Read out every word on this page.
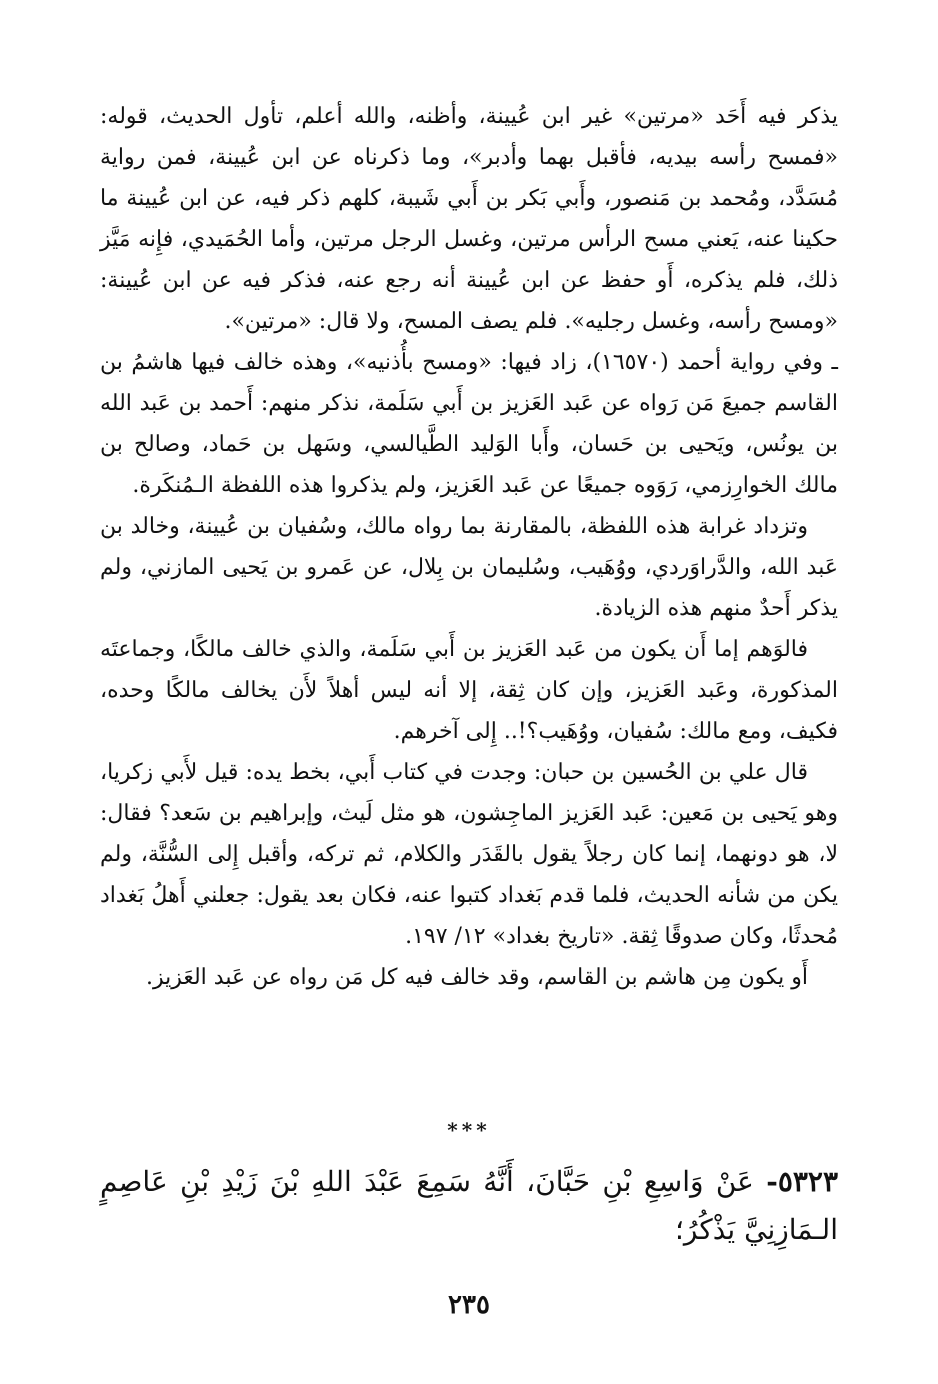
يذكر فيه أَحَد «مرتين» غير ابن عُيينة، وأظنه، والله أعلم، تأول الحديث، قوله: «فمسح رأسه بيديه، فأقبل بهما وأدبر»، وما ذكرناه عن ابن عُيينة، فمن رواية مُسَدَّد، ومُحمد بن مَنصور، وأَبي بَكر بن أَبي شَيبة، كلهم ذكر فيه، عن ابن عُيينة ما حكينا عنه، يَعني مسح الرأس مرتين، وغسل الرجل مرتين، وأما الحُمَيدي، فإِنه مَيَّز ذلك، فلم يذكره، أَو حفظ عن ابن عُيينة أنه رجع عنه، فذكر فيه عن ابن عُيينة: «ومسح رأسه، وغسل رجليه». فلم يصف المسح، ولا قال: «مرتين».

ـ وفي رواية أحمد (١٦٥٧٠)، زاد فيها: «ومسح بأُذنيه»، وهذه خالف فيها هاشمُ بن القاسم جميعَ مَن رَواه عن عَبد العَزيز بن أَبي سَلَمة، نذكر منهم: أَحمد بن عَبد الله بن يونُس، ويَحيى بن حَسان، وأَبا الوَليد الطَّيالسي، وسَهل بن حَماد، وصالح بن مالك الخوارِزمي، رَوَوه جميعًا عن عَبد العَزيز، ولم يذكروا هذه اللفظة الـمُنكَرة.

وتزداد غرابة هذه اللفظة، بالمقارنة بما رواه مالك، وسُفيان بن عُيينة، وخالد بن عَبد الله، والدَّراوَردي، ووُهَيب، وسُليمان بن بِلال، عن عَمرو بن يَحيى المازني، ولم يذكر أَحدٌ منهم هذه الزيادة.

فالوَهم إما أَن يكون من عَبد العَزيز بن أَبي سَلَمة، والذي خالف مالكًا، وجماعتَه المذكورة، وعَبد العَزيز، وإن كان ثِقة، إلا أنه ليس أهلاً لأَن يخالف مالكًا وحده، فكيف، ومع مالك: سُفيان، ووُهَيب؟!.. إِلى آخرهم.

قال علي بن الحُسين بن حبان: وجدت في كتاب أَبي، بخط يده: قيل لأَبي زكريا، وهو يَحيى بن مَعين: عَبد العَزيز الماجِشون، هو مثل لَيث، وإبراهيم بن سَعد؟ فقال: لا، هو دونهما، إنما كان رجلاً يقول بالقَدَر والكلام، ثم تركه، وأقبل إِلى السُّنَّة، ولم يكن من شأنه الحديث، فلما قدم بَغداد كتبوا عنه، فكان بعد يقول: جعلني أَهلُ بَغداد مُحدثًا، وكان صدوقًا ثِقة. «تاريخ بغداد» ١٢/ ١٩٧.

أَو يكون مِن هاشم بن القاسم، وقد خالف فيه كل مَن رواه عن عَبد العَزيز.

***
٥٣٢٣- عَنْ وَاسِعِ بْنِ حَبَّانَ، أَنَّهُ سَمِعَ عَبْدَ اللهِ بْنَ زَيْدِ بْنِ عَاصِمٍ الـمَازِنِيَّ يَذْكُرُ؛
٢٣٥
